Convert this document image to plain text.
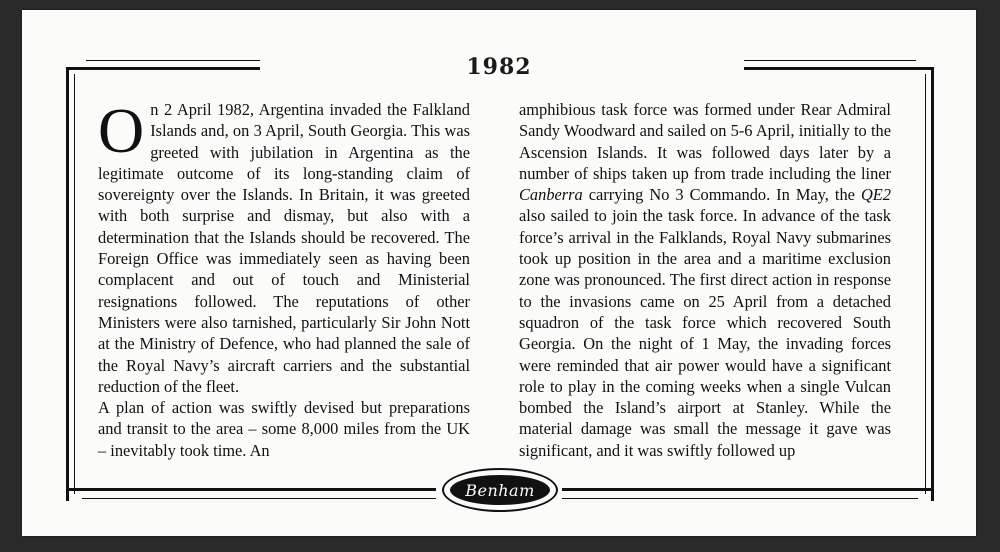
1982

On 2 April 1982, Argentina invaded the Falkland Islands and, on 3 April, South Georgia. This was greeted with jubilation in Argentina as the legitimate outcome of its long-standing claim of sovereignty over the Islands. In Britain, it was greeted with both surprise and dismay, but also with a determination that the Islands should be recovered. The Foreign Office was immediately seen as having been complacent and out of touch and Ministerial resignations followed. The reputations of other Ministers were also tarnished, particularly Sir John Nott at the Ministry of Defence, who had planned the sale of the Royal Navy’s aircraft carriers and the substantial reduction of the fleet.

A plan of action was swiftly devised but preparations and transit to the area – some 8,000 miles from the UK – inevitably took time. An

amphibious task force was formed under Rear Admiral Sandy Woodward and sailed on 5-6 April, initially to the Ascension Islands. It was followed days later by a number of ships taken up from trade including the liner Canberra carrying No 3 Commando. In May, the QE2 also sailed to join the task force. In advance of the task force’s arrival in the Falklands, Royal Navy submarines took up position in the area and a maritime exclusion zone was pronounced. The first direct action in response to the invasions came on 25 April from a detached squadron of the task force which recovered South Georgia. On the night of 1 May, the invading forces were reminded that air power would have a significant role to play in the coming weeks when a single Vulcan bombed the Island’s airport at Stanley. While the material damage was small the message it gave was significant, and it was swiftly followed up

Benham
